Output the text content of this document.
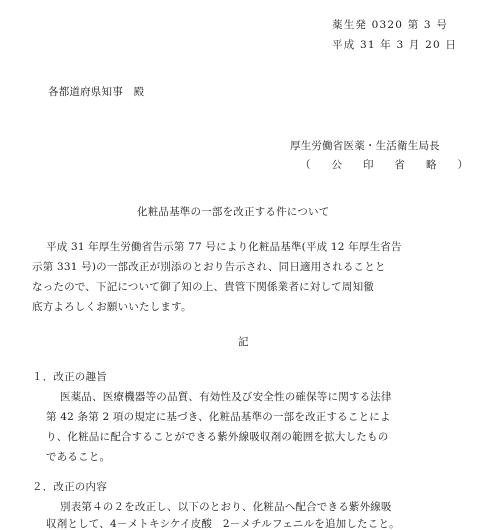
薬生発 0320 第 3 号
平成 31 年 3 月 20 日
各都道府県知事　殿
厚生労働省医薬・生活衛生局長
（　　公　　印　　省　　略　　）
化粧品基準の一部を改正する件について
平成 31 年厚生労働省告示第 77 号により化粧品基準(平成 12 年厚生省告
示第 331 号)の一部改正が別添のとおり告示され、同日適用されることと
なったので、下記について御了知の上、貴管下関係業者に対して周知徹
底方よろしくお願いいたします。
記
１．改正の趣旨
医薬品、医療機器等の品質、有効性及び安全性の確保等に関する法律
第 42 条第 2 項の規定に基づき、化粧品基準の一部を改正することによ
り、化粧品に配合することができる紫外線吸収剤の範囲を拡大したもの
であること。
２．改正の内容
別表第４の２を改正し、以下のとおり、化粧品へ配合できる紫外線吸
収剤として、4－メトキシケイ皮酸　2－メチルフェニルを追加したこと。
